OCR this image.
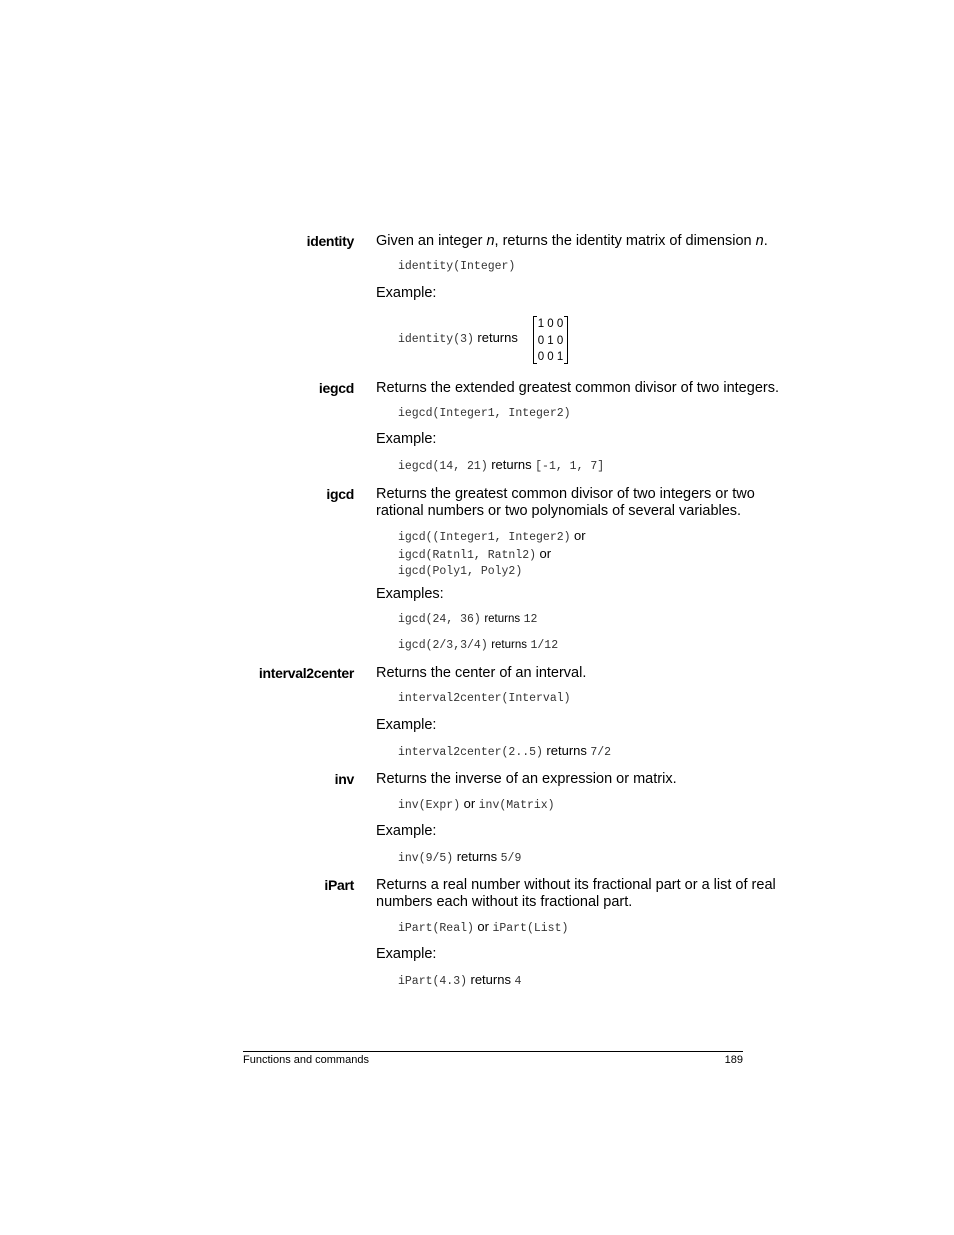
identity Given an integer n, returns the identity matrix of dimension n.
identity(Integer)
Example:
identity(3) returns
1 0 0
0 1 0
0 0 1
iegcd Returns the extended greatest common divisor of two integers.
iegcd(Integer1, Integer2)
Example:
iegcd(14, 21) returns [-1, 1, 7]
igcd Returns the greatest common divisor of two integers or two
rational numbers or two polynomials of several variables.
igcd((Integer1, Integer2) or
igcd(Ratnl1, Ratnl2) or
igcd(Poly1, Poly2)
Examples:
igcd(24, 36) returns 12
igcd(2/3,3/4) returns 1/12
interval2center Returns the center of an interval.
interval2center(Interval)
Example:
interval2center(2..5) returns 7/2
inv Returns the inverse of an expression or matrix.
inv(Expr) or inv(Matrix)
Example:
inv(9/5) returns 5/9
iPart Returns a real number without its fractional part or a list of real
numbers each without its fractional part.
iPart(Real) or iPart(List)
Example:
iPart(4.3) returns 4
Functions and commands	189
